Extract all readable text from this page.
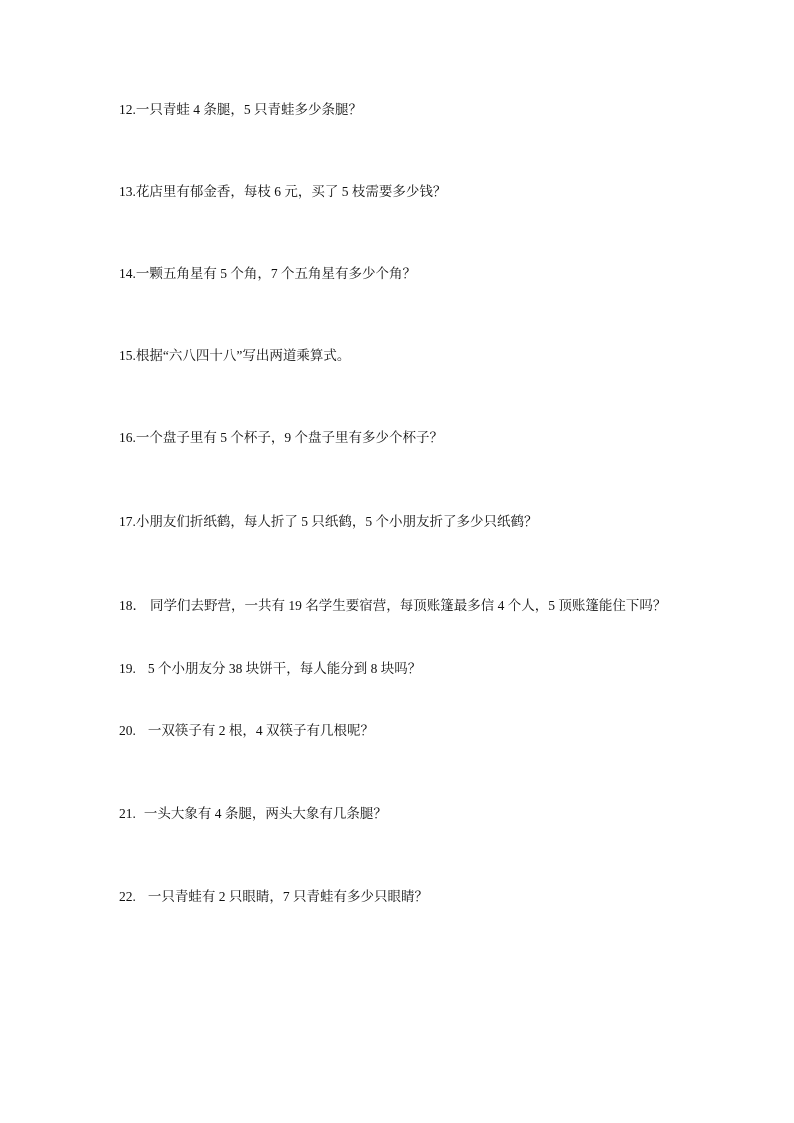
12.一只青蛙 4 条腿，5 只青蛙多少条腿？
13.花店里有郁金香，每枝 6 元，买了 5 枝需要多少钱？
14.一颗五角星有 5 个角，7 个五角星有多少个角？
15.根据“六八四十八”写出两道乘算式。
16.一个盘子里有 5 个杯子，9 个盘子里有多少个杯子？
17.小朋友们折纸鹤，每人折了 5 只纸鹤，5 个小朋友折了多少只纸鹤？
18． 同学们去野营，一共有 19 名学生要宿营，每顶账篷最多信 4 个人，5 顶账篷能住下吗？
19. 5 个小朋友分 38 块饼干，每人能分到 8 块吗？
20. 一双筷子有 2 根，4 双筷子有几根呢？
21. 一头大象有 4 条腿，两头大象有几条腿？
22. 一只青蛙有 2 只眼睛，7 只青蛙有多少只眼睛？
